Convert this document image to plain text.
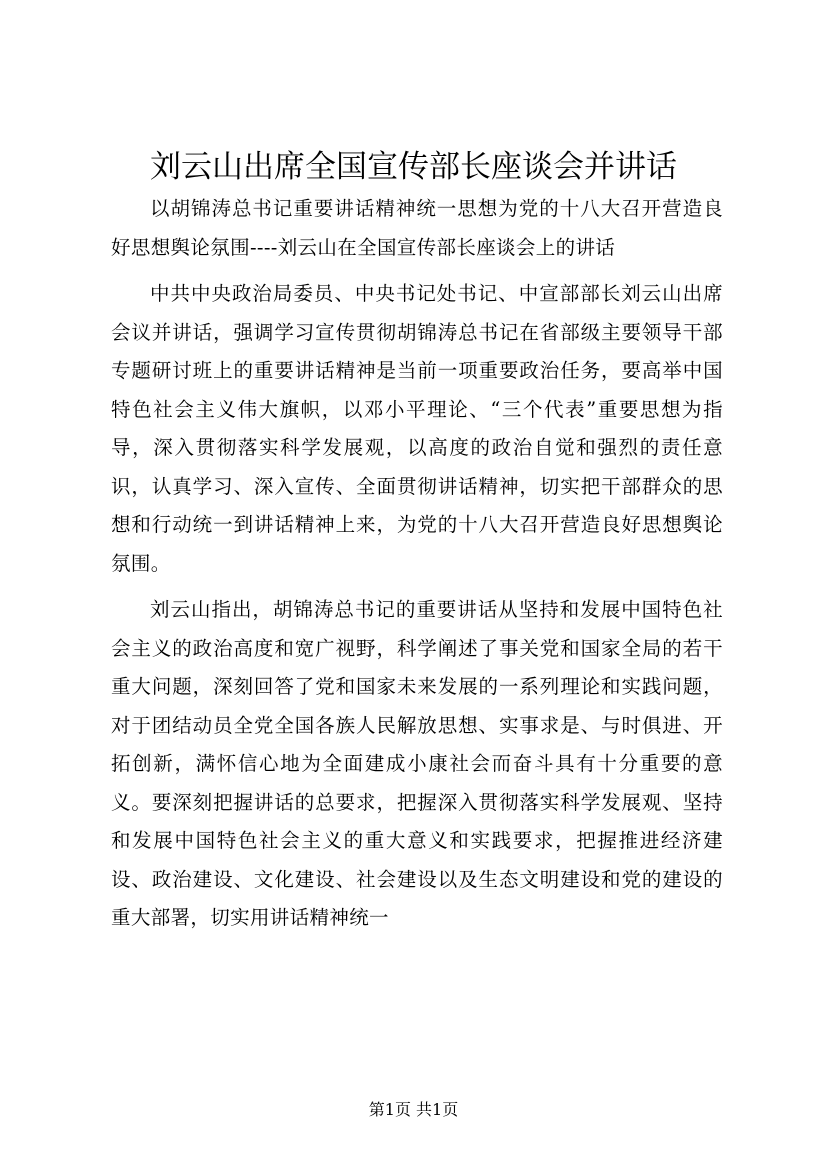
刘云山出席全国宣传部长座谈会并讲话

以胡锦涛总书记重要讲话精神统一思想为党的十八大召开营造良好思想舆论氛围----刘云山在全国宣传部长座谈会上的讲话

中共中央政治局委员、中央书记处书记、中宣部部长刘云山出席会议并讲话，强调学习宣传贯彻胡锦涛总书记在省部级主要领导干部专题研讨班上的重要讲话精神是当前一项重要政治任务，要高举中国特色社会主义伟大旗帜，以邓小平理论、“三个代表”重要思想为指导，深入贯彻落实科学发展观，以高度的政治自觉和强烈的责任意识，认真学习、深入宣传、全面贯彻讲话精神，切实把干部群众的思想和行动统一到讲话精神上来，为党的十八大召开营造良好思想舆论氛围。

刘云山指出，胡锦涛总书记的重要讲话从坚持和发展中国特色社会主义的政治高度和宽广视野，科学阐述了事关党和国家全局的若干重大问题，深刻回答了党和国家未来发展的一系列理论和实践问题，对于团结动员全党全国各族人民解放思想、实事求是、与时俱进、开拓创新，满怀信心地为全面建成小康社会而奋斗具有十分重要的意义。要深刻把握讲话的总要求，把握深入贯彻落实科学发展观、坚持和发展中国特色社会主义的重大意义和实践要求，把握推进经济建设、政治建设、文化建设、社会建设以及生态文明建设和党的建设的重大部署，切实用讲话精神统一

第1页 共1页
